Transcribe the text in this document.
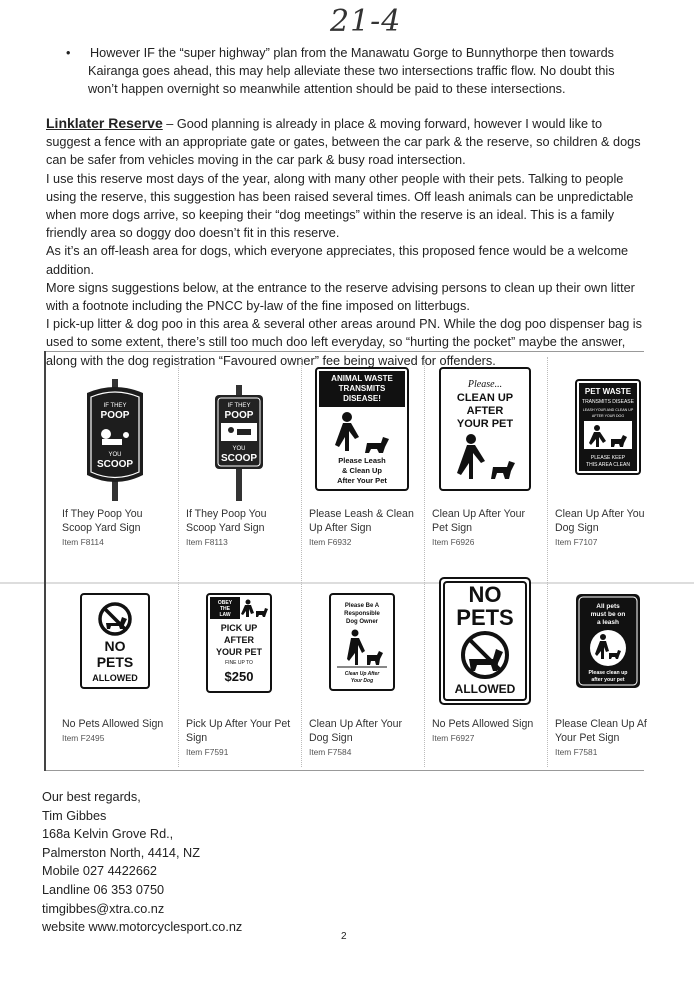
21-4
•	However IF the “super highway” plan from the Manawatu Gorge to Bunnythorpe then towards
Kairanga goes ahead, this may help alleviate these two intersections traffic flow. No doubt this
won’t happen overnight so meanwhile attention should be paid to these intersections.

Linklater Reserve – Good planning is already in place & moving forward, however I would like to

suggest a fence with an appropriate gate or gates, between the car park & the reserve, so children & dogs

can be safer from vehicles moving in the car park & busy road intersection.

I use this reserve most days of the year, along with many other people with their pets. Talking to people

using the reserve, this suggestion has been raised several times. Off leash animals can be unpredictable

when more dogs arrive, so keeping their “dog meetings” within the reserve is an ideal. This is a family

friendly area so doggy doo doesn’t fit in this reserve.

As it’s an off-leash area for dogs, which everyone appreciates, this proposed fence would be a welcome

addition.

More signs suggestions below, at the entrance to the reserve advising persons to clean up their own litter

with a footnote including the PNCC by-law of the fine imposed on litterbugs.

I pick-up litter & dog poo in this area & several other areas around PN. While the dog poo dispenser bag is

used to some extent, there’s still too much doo left everyday, so “hurting the pocket” maybe the answer,

along with the dog registration “Favoured owner” fee being waived for offenders.

IF THEY
POOP
YOU
SCOOP
If They Poop You
Scoop Yard Sign
Item F8114
IF THEY
POOP
YOU
SCOOP
If They Poop You
Scoop Yard Sign
Item F8113
ANIMAL WASTE
TRANSMITS
DISEASE!
Please Leash
& Clean Up
After Your Pet
Please Leash & Clean
Up After Sign
Item F6932
Please...
CLEAN UP
AFTER
YOUR PET
Clean Up After Your
Pet Sign
Item F6926
PET WASTE
TRANSMITS DISEASE
LEASH YOUR AND CLEAN UP
AFTER YOUR DOG
PLEASE KEEP
THIS AREA CLEAN
Clean Up After You
Dog Sign
Item F7107
NO
PETS
ALLOWED
No Pets Allowed Sign
Item F2495
OBEY
THE
LAW
PICK UP
AFTER
YOUR PET
FINE UP TO
$250
Pick Up After Your Pet
Sign
Item F7591
Please Be A
Responsible
Dog Owner
Clean Up After
Your Dog
Clean Up After Your
Dog Sign
Item F7584
NO
PETS
ALLOWED
No Pets Allowed Sign
Item F6927
All pets
must be on
a leash
Please clean up
after your pet
Please Clean Up Af
Your Pet Sign
Item F7581
Our best regards,
Tim Gibbes
168a Kelvin Grove Rd.,
Palmerston North, 4414, NZ
Mobile 027 4422662
Landline 06 353 0750
timgibbes@xtra.co.nz
website www.motorcyclesport.co.nz
2
